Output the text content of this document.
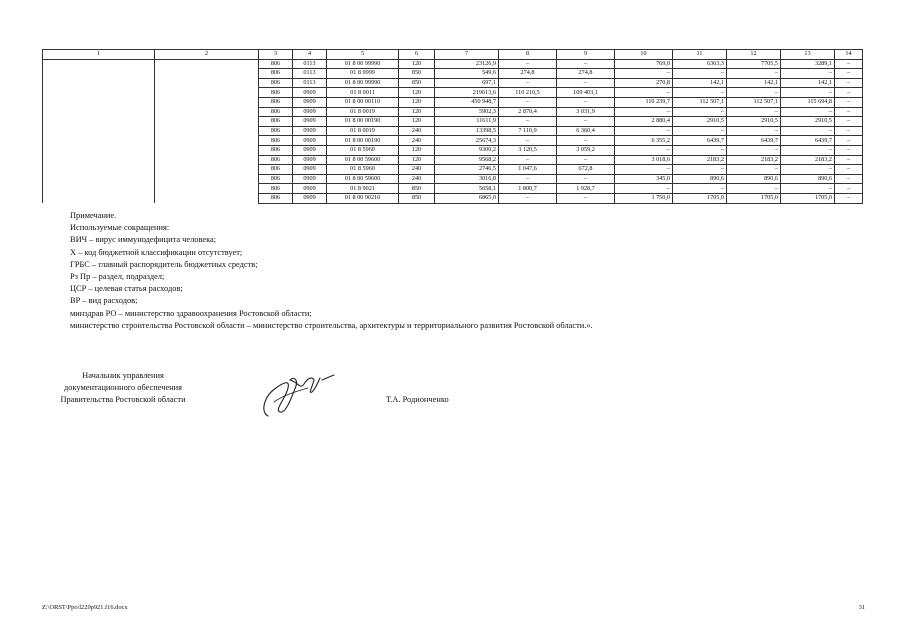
1	2	3	4	5	6	7	8	9	10	11	12	13	14
		806	0113	01 8 00 99990	120	23126,9	–	–	769,0	6363,3	7705,5	3289,1	–
		806	0113	01 8 9999	850	549,6	274,8	274,8	–	–	–	–	–
		806	0113	01 8 00 99990	850	697,1	–	–	270,8	142,1	142,1	142,1	–
		806	0909	01 8 0011	120	219613,6	110 210,5	109 403,1	–	–	–	–	–
		806	0909	01 8 00 00110	120	450 948,7	–	–	110 239,7	112 507,1	112 507,1	115 694,8	–
		806	0909	01 8 0019	120	5902,3	2 870,4	3 031,9	–	–	–	–	–
		806	0909	01 8 00 00190	120	11611,9	–	–	2 880,4	2910,5	2910,5	2910,5	–
		806	0909	01 8 0019	240	13398,5	7 110,9	6 360,4	–	–	–	–	–
		806	0909	01 8 00 00190	240	25674,3	–	–	6 355,2	6439,7	6439,7	6439,7	–
		806	0909	01 8 5960	120	9300,2	3 120,5	3 059,2	–	–	–	–	–
		806	0909	01 8 00 59600	120	9568,2	–	–	3 018,6	2183,2	2183,2	2183,2	–
		806	0909	01 8 5960	240	2746,5	1 047,6	672,8	–	–	–	–	–
		806	0909	01 8 00 59600	240	3016,8	–	–	345,0	890,6	890,6	890,6	–
		806	0909	01 8 9021	850	5658,1	1 800,7	1 928,7	–	–	–	–	–
		806	0909	01 8 00 90210	850	6865,0	–	–	1 750,0	1705,0	1705,0	1705,0	–
Примечание.
Используемые сокращения:
ВИЧ – вирус иммунодефицита человека;
Х – код бюджетной классификации отсутствует;
ГРБС – главный распорядитель бюджетных средств;
Рз Пр – раздел, подраздел;
ЦСР – целевая статья расходов;
ВР – вид расходов;
минздрав РО – министерство здравоохранения Ростовской области;
министерство строительства Ростовской области – министерство строительства, архитектуры и территориального развития Ростовской области.».
Начальник управления
документационного обеспечения
Правительства Ростовской области	Т.А. Родионченко
Z:\ORST\Ppo\l229p921.f16.docx	31
